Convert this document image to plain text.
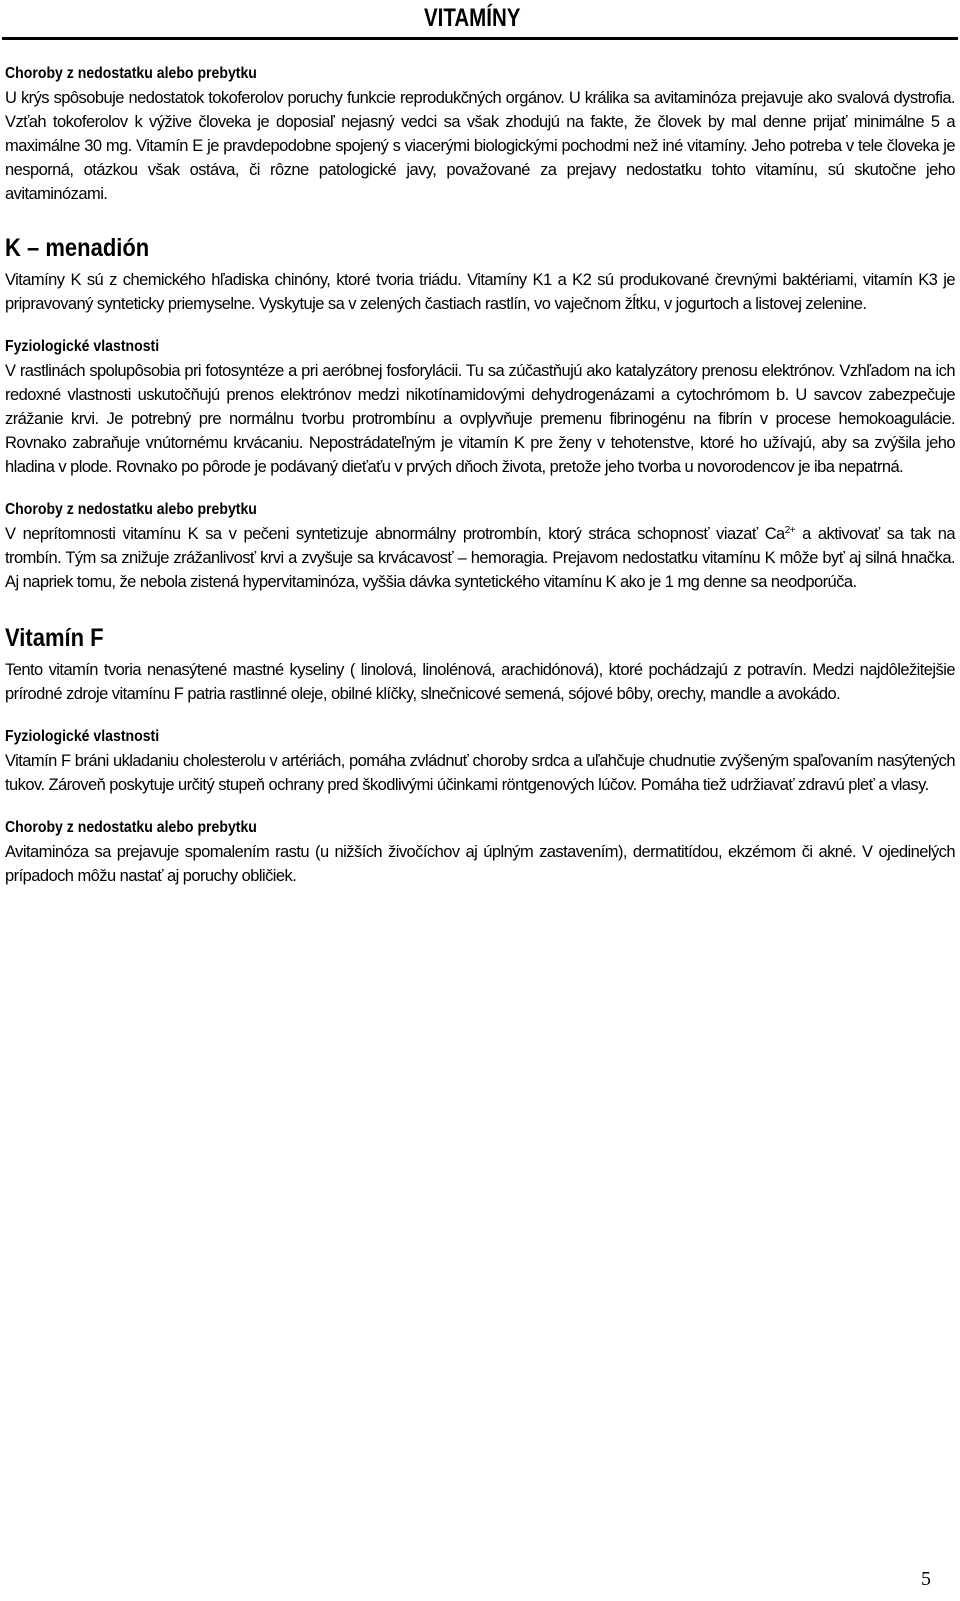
VITAMÍNY
Choroby z nedostatku alebo prebytku

U krýs spôsobuje nedostatok tokoferolov poruchy funkcie reprodukčných orgánov. U králika sa avitaminóza prejavuje ako svalová dystrofia. Vzťah tokoferolov k výžive človeka je doposiaľ nejasný vedci sa však zhodujú na fakte, že človek by mal denne prijať minimálne 5 a maximálne 30 mg. Vitamín E je pravdepodobne spojený s viacerými biologickými pochodmi než iné vitamíny. Jeho potreba v tele človeka je nesporná, otázkou však ostáva, či rôzne patologické javy, považované za prejavy nedostatku tohto vitamínu, sú skutočne jeho avitaminózami.

K – menadión

Vitamíny K sú z chemického hľadiska chinóny, ktoré tvoria triádu. Vitamíny K1 a K2 sú produkované črevnými baktériami, vitamín K3 je pripravovaný synteticky priemyselne. Vyskytuje sa v zelených častiach rastlín, vo vaječnom žĺtku, v jogurtoch a listovej zelenine.

Fyziologické vlastnosti

V rastlinách spolupôsobia pri fotosyntéze a pri aeróbnej fosforylácii. Tu sa zúčastňujú ako katalyzátory prenosu elektrónov. Vzhľadom na ich redoxné vlastnosti uskutočňujú prenos elektrónov medzi nikotínamidovými dehydrogenázami a cytochrómom b. U savcov zabezpečuje zrážanie krvi. Je potrebný pre normálnu tvorbu protrombínu a ovplyvňuje premenu fibrinogénu na fibrín v procese hemokoagulácie. Rovnako zabraňuje vnútornému krvácaniu. Nepostrádateľným je vitamín K pre ženy v tehotenstve, ktoré ho užívajú, aby sa zvýšila jeho hladina v plode. Rovnako po pôrode je podávaný dieťaťu v prvých dňoch života, pretože jeho tvorba u novorodencov je iba nepatrná.

Choroby z nedostatku alebo prebytku

V neprítomnosti vitamínu K sa v pečeni syntetizuje abnormálny protrombín, ktorý stráca schopnosť viazať $Ca^{2+}$ a aktivovať sa tak na trombín. Tým sa znižuje zrážanlivosť krvi a zvyšuje sa krvácavosť – hemoragia. Prejavom nedostatku vitamínu K môže byť aj silná hnačka. Aj napriek tomu, že nebola zistená hypervitaminóza, vyššia dávka syntetického vitamínu K ako je 1 mg denne sa neodporúča.

Vitamín F

Tento vitamín tvoria nenasýtené mastné kyseliny ( linolová, linolénová, arachidónová), ktoré pochádzajú z potravín. Medzi najdôležitejšie prírodné zdroje vitamínu F patria rastlinné oleje, obilné klíčky, slnečnicové semená, sójové bôby, orechy, mandle a avokádo.

Fyziologické vlastnosti

Vitamín F bráni ukladaniu cholesterolu v artériách, pomáha zvládnuť choroby srdca a uľahčuje chudnutie zvýšeným spaľovaním nasýtených tukov. Zároveň poskytuje určitý stupeň ochrany pred škodlivými účinkami röntgenových lúčov. Pomáha tiež udržiavať zdravú pleť a vlasy.

Choroby z nedostatku alebo prebytku

Avitaminóza sa prejavuje spomalením rastu (u nižších živočíchov aj úplným zastavením), dermatitídou, ekzémom či akné. V ojedinelých prípadoch môžu nastať aj poruchy obličiek.

5
